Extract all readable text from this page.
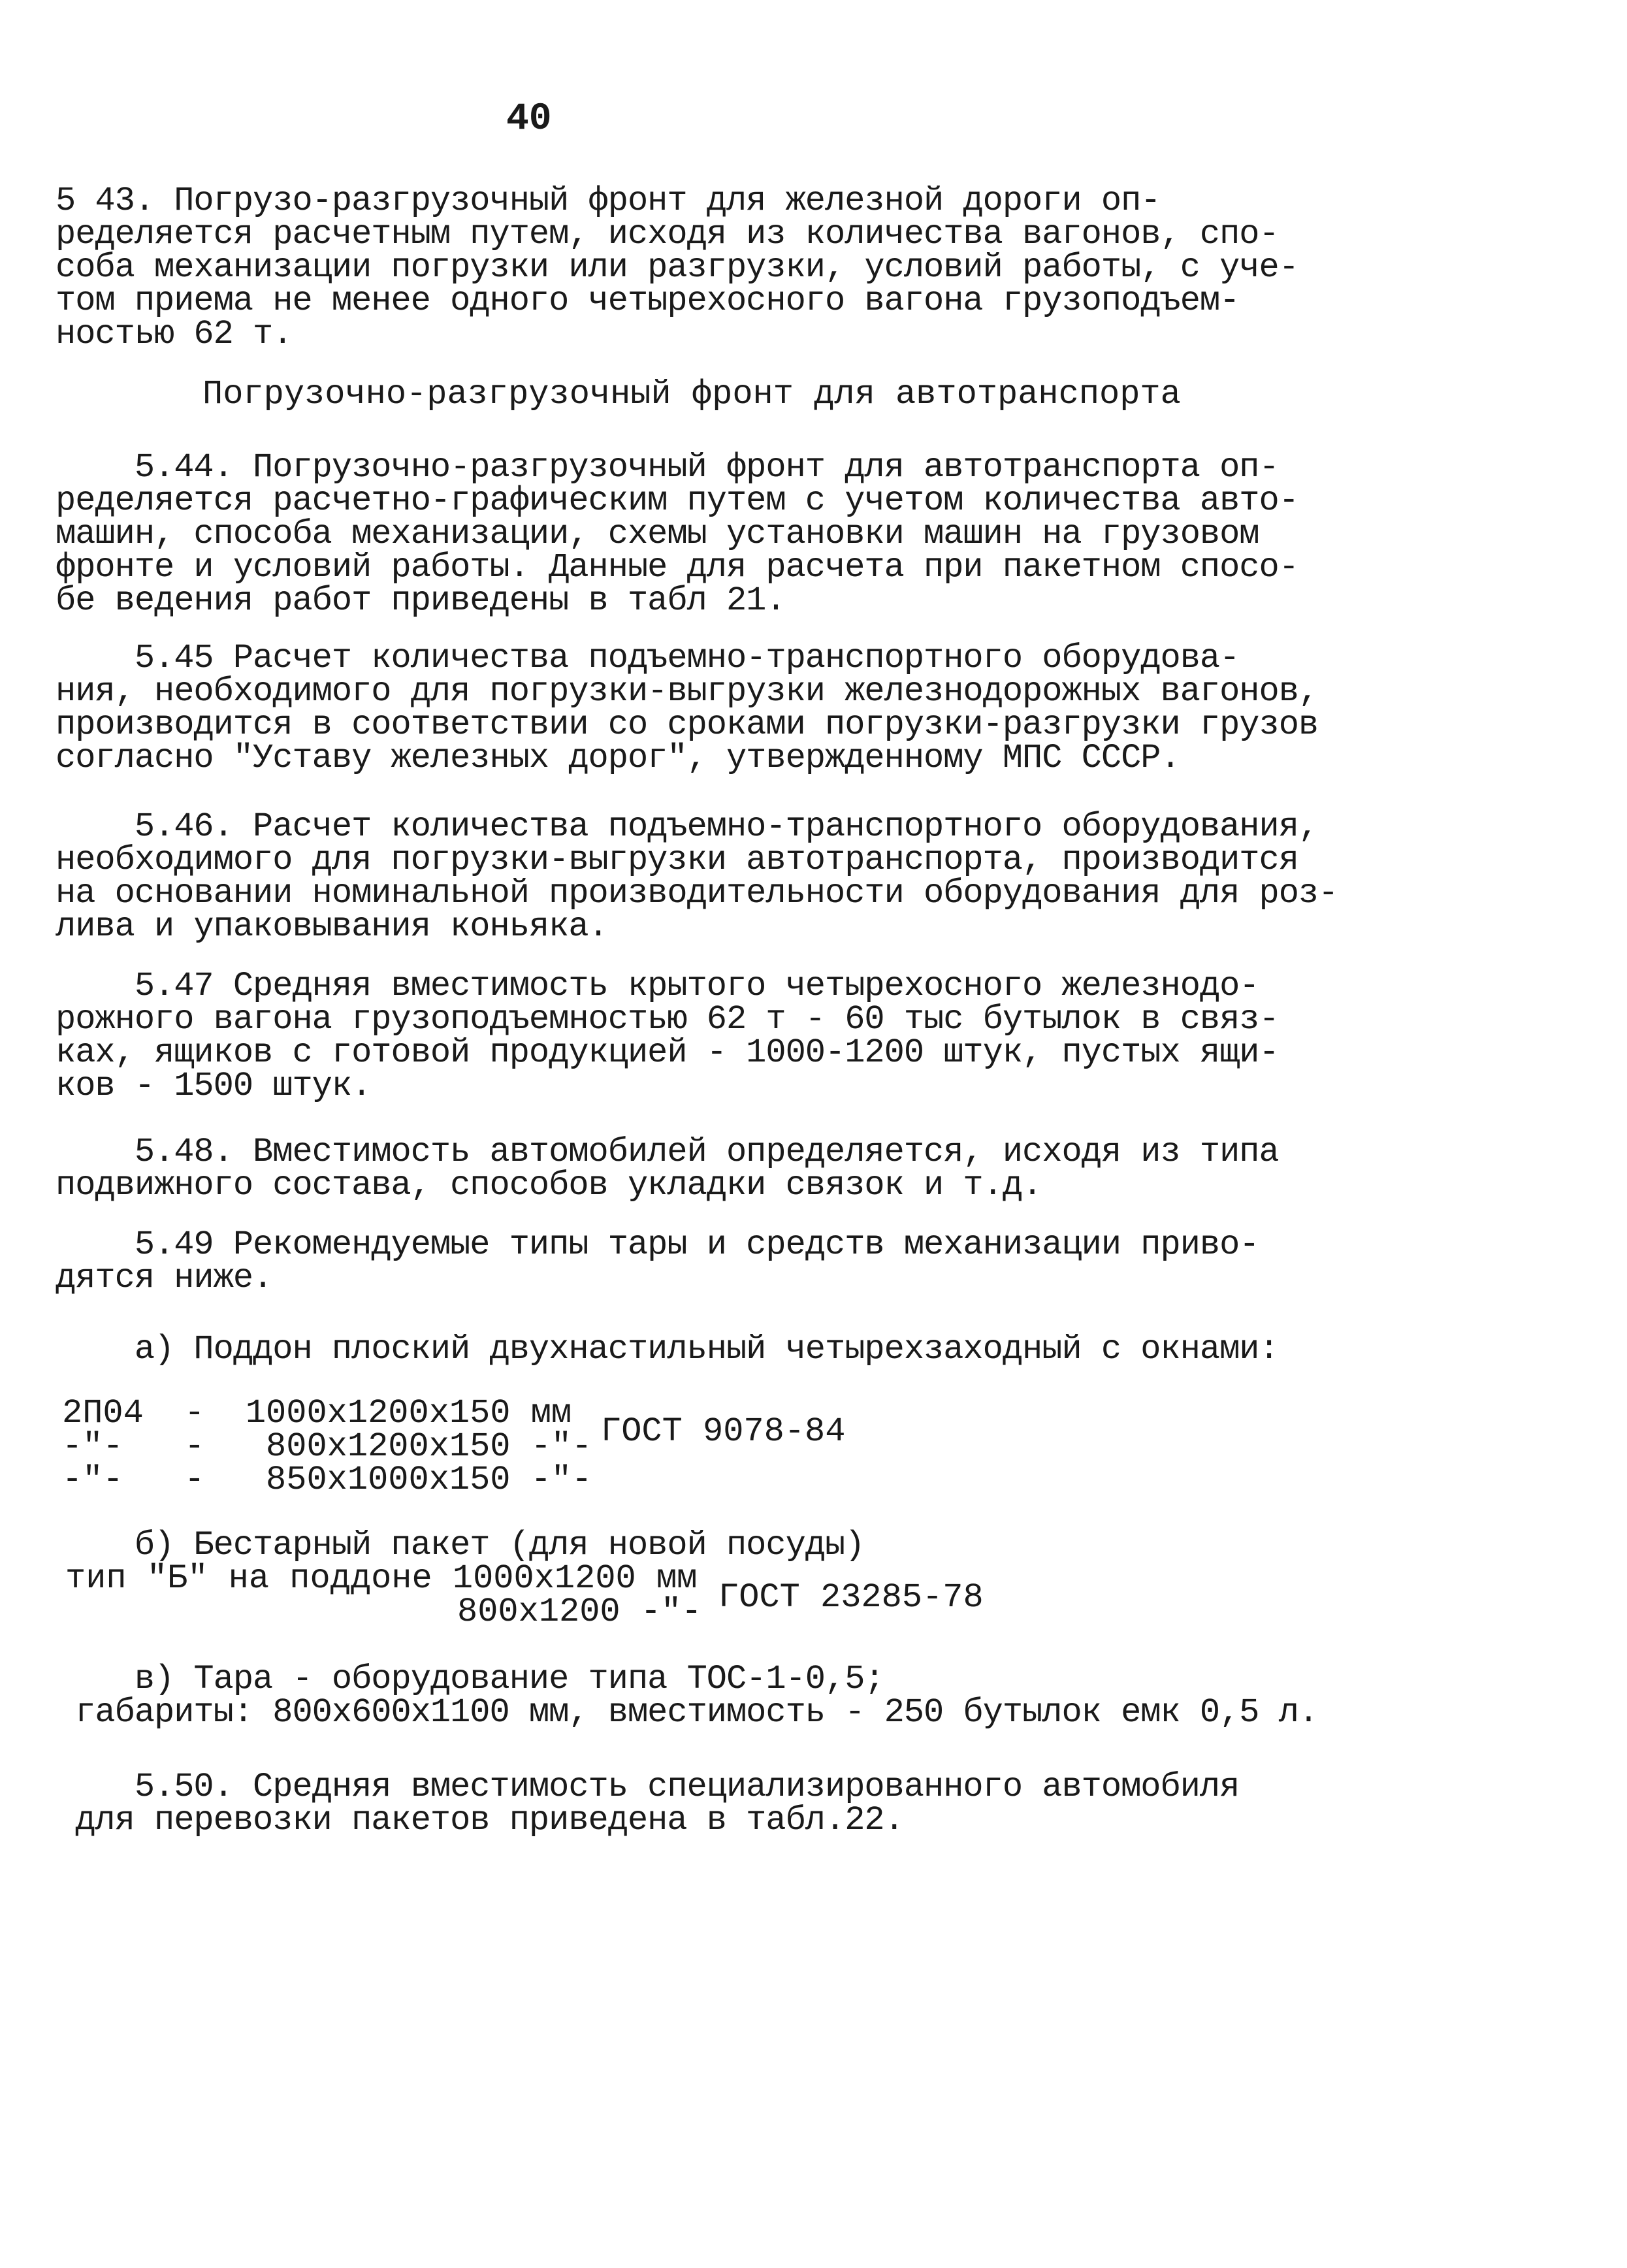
40
5 43. Погрузо-разгрузочный фронт для железной дороги оп-
ределяется расчетным путем, исходя из количества вагонов, спо-
соба механизации погрузки или разгрузки, условий работы, с уче-
том приема не менее одного четырехосного вагона грузоподъем-
ностью 62 т.
Погрузочно-разгрузочный фронт для автотранспорта
5.44. Погрузочно-разгрузочный фронт для автотранспорта оп-
ределяется расчетно-графическим путем с учетом количества авто-
машин, способа механизации, схемы установки машин на грузовом
фронте и условий работы. Данные для расчета при пакетном спосо-
бе ведения работ приведены в табл 21.
5.45 Расчет количества подъемно-транспортного оборудова-
ния, необходимого для погрузки-выгрузки железнодорожных вагонов,
производится в соответствии со сроками погрузки-разгрузки грузов
согласно "Уставу железных дорог", утвержденному МПС СССР.
5.46. Расчет количества подъемно-транспортного оборудования,
необходимого для погрузки-выгрузки автотранспорта, производится
на основании номинальной производительности оборудования для роз-
лива и упаковывания коньяка.
5.47 Средняя вместимость крытого четырехосного железнодо-
рожного вагона грузоподъемностью 62 т - 60 тыс бутылок в связ-
ках, ящиков с готовой продукцией - 1000-1200 штук, пустых ящи-
ков - 1500 штук.
5.48. Вместимость автомобилей определяется, исходя из типа
подвижного состава, способов укладки связок и т.д.
5.49 Рекомендуемые типы тары и средств механизации приво-
дятся ниже.
а) Поддон плоский двухнастильный четырехзаходный с окнами:
2П04  -  1000х1200х150 мм
-"-   -   800х1200х150 -"-
-"-   -   850х1000х150 -"-
ГОСТ 9078-84
б) Бестарный пакет (для новой посуды)
тип "Б" на поддоне 1000х1200 мм
800х1200 -"- ГОСТ 23285-78
в) Тара - оборудование типа ТОС-1-0,5;
габариты: 800х600х1100 мм, вместимость - 250 бутылок емк 0,5 л.
5.50. Средняя вместимость специализированного автомобиля
для перевозки пакетов приведена в табл.22.
